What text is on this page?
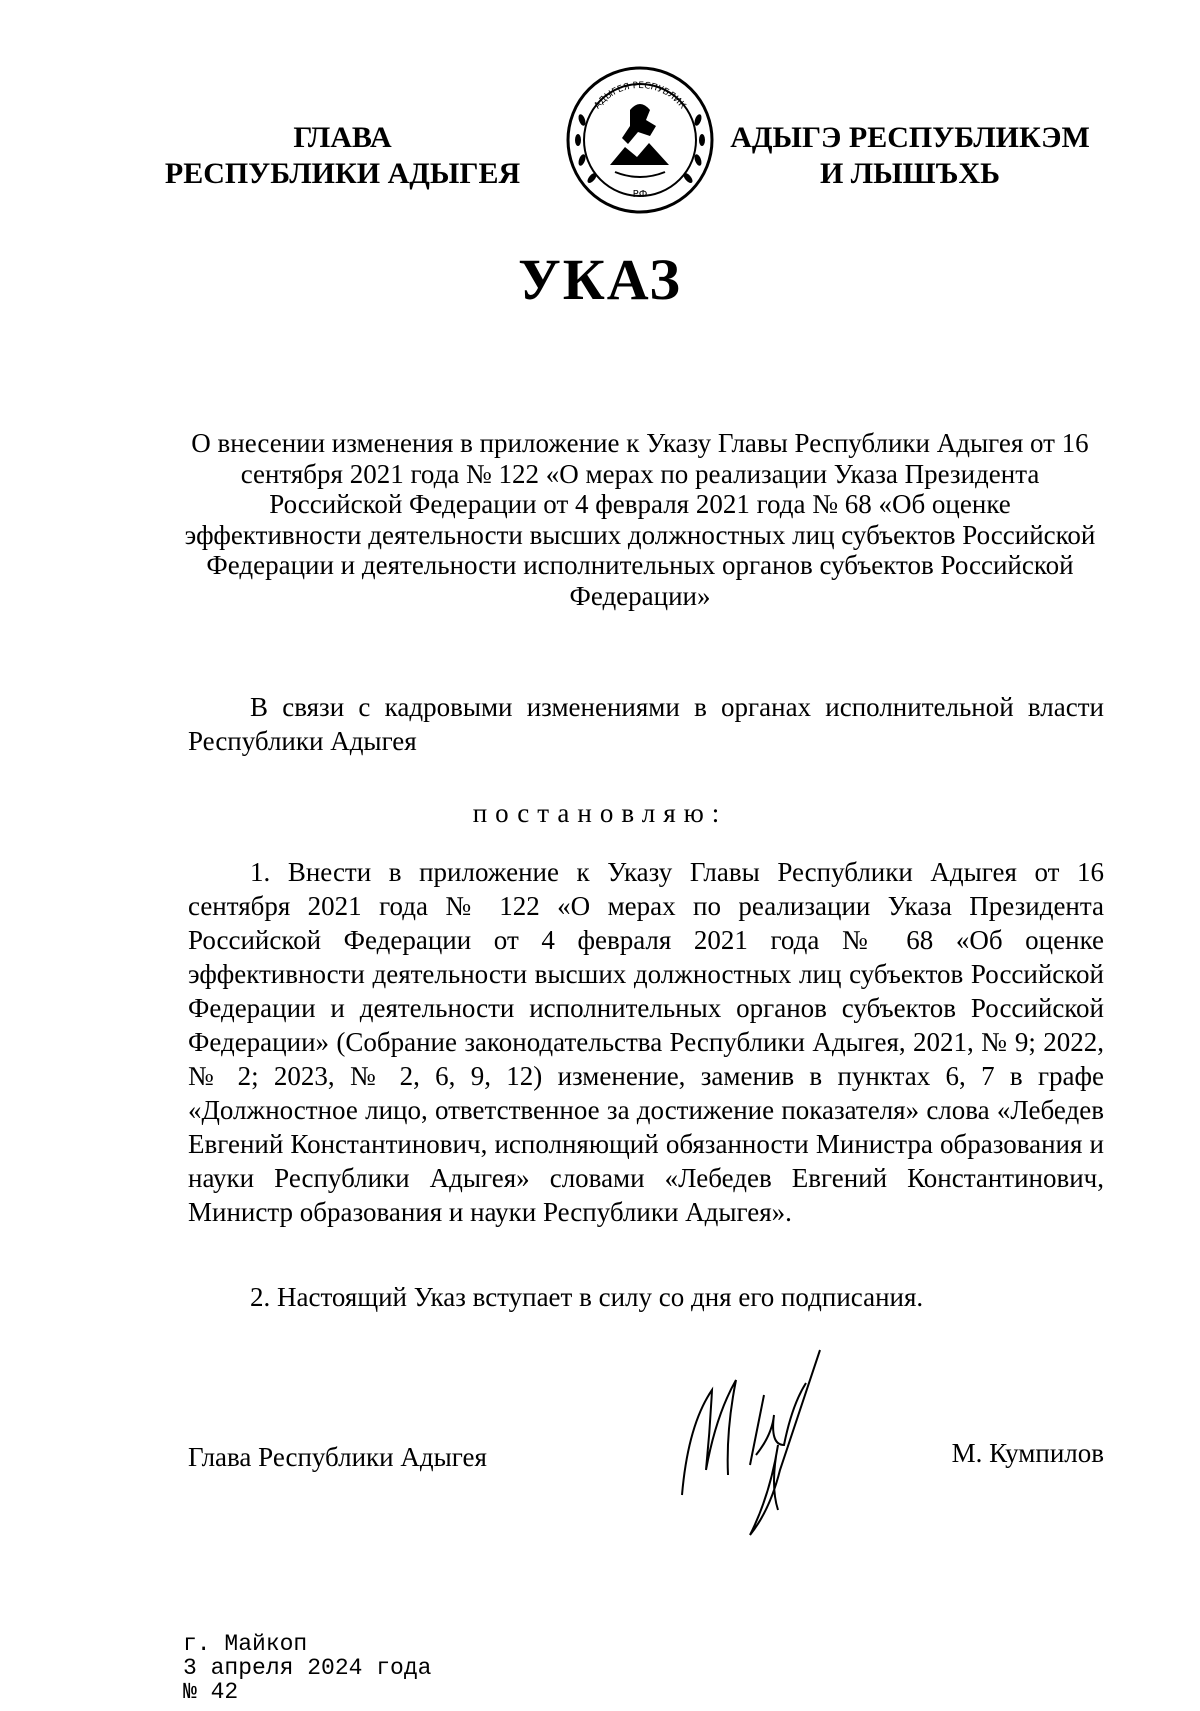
ГЛАВА
РЕСПУБЛИКИ АДЫГЕЯ
РФ
АДЫГЕЯ РЕСПУБЛИК
АДЫГЭ РЕСПУБЛИКЭМ
И ЛЫШЪХЬ
УКАЗ
О внесении изменения в приложение к Указу Главы Республики Адыгея от 16 сентября 2021 года № 122 «О мерах по реализации Указа Президента Российской Федерации от 4 февраля 2021 года № 68 «Об оценке эффективности деятельности высших должностных лиц субъектов Российской Федерации и деятельности исполнительных органов субъектов Российской Федерации»
В связи с кадровыми изменениями в органах исполнительной власти Республики Адыгея
постановляю:
1. Внести в приложение к Указу Главы Республики Адыгея от 16 сентября 2021 года № 122 «О мерах по реализации Указа Президента Российской Федерации от 4 февраля 2021 года № 68 «Об оценке эффективности деятельности высших должностных лиц субъектов Российской Федерации и деятельности исполнительных органов субъектов Российской Федерации» (Собрание законодательства Республики Адыгея, 2021, № 9; 2022, № 2; 2023, № 2, 6, 9, 12) изменение, заменив в пунктах 6, 7 в графе «Должностное лицо, ответственное за достижение показателя» слова «Лебедев Евгений Константинович, исполняющий обязанности Министра образования и науки Республики Адыгея» словами «Лебедев Евгений Константинович, Министр образования и науки Республики Адыгея».
2. Настоящий Указ вступает в силу со дня его подписания.
Глава Республики Адыгея	М. Кумпилов
г. Майкоп
3 апреля 2024 года
№ 42
